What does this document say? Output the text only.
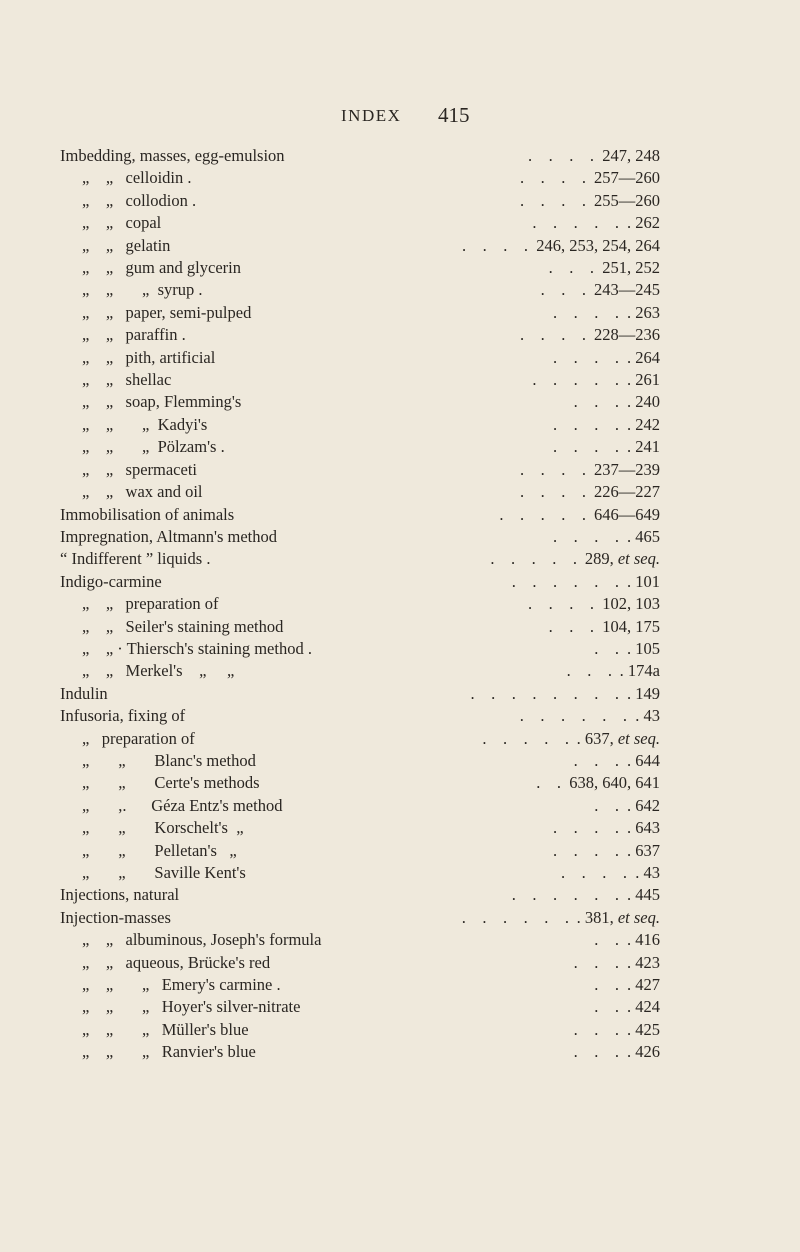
INDEX 415
Imbedding, masses, egg-emulsion	.    .    .    . 247, 248
„    „   celloidin .	.    .    .    . 257—260
„    „   collodion .	.    .    .    . 255—260
„    „   copal	.    .    .    .    . . 262
„    „   gelatin	.    .    .    . 246, 253, 254, 264
„    „   gum and glycerin	.    .    . 251, 252
„    „       „  syrup .	.    .    . 243—245
„    „   paper, semi-pulped	.    .    .    . . 263
„    „   paraffin .	.    .    .    . 228—236
„    „   pith, artificial	.    .    .    . . 264
„    „   shellac	.    .    .    .    . . 261
„    „   soap, Flemming's	.    .    . . 240
„    „       „  Kadyi's	.    .    .    . . 242
„    „       „  Pölzam's .	.    .    .    . . 241
„    „   spermaceti	.    .    .    . 237—239
„    „   wax and oil	.    .    .    . 226—227
Immobilisation of animals	.    .    .    .    . 646—649
Impregnation, Altmann's method	.    .    .    . . 465
“ Indifferent ” liquids .	.    .    .    .    . 289, et seq.
Indigo-carmine	.    .    .    .    .    . . 101
„    „   preparation of	.    .    .    . 102, 103
„    „   Seiler's staining method	.    .    . 104, 175
„    „ · Thiersch's staining method .	.    . . 105
„    „   Merkel's    „     „	.    .    . . 174a
Indulin	.    .    .    .    .    .    .    . . 149
Infusoria, fixing of	.    .    .    .    .    . . 43
„   preparation of	.    .    .    .    . . 637, et seq.
„       „       Blanc's method	.    .    . . 644
„       „       Certe's methods	.    . 638, 640, 641
„       ,.      Géza Entz's method	.    . . 642
„       „       Korschelt's  „	.    .    .    . . 643
„       „       Pelletan's   „	.    .    .    . . 637
„       „       Saville Kent's	.    .    .    . . 43
Injections, natural	.    .    .    .    .    . . 445
Injection-masses	.    .    .    .    .    . . 381, et seq.
„    „   albuminous, Joseph's formula	.    . . 416
„    „   aqueous, Brücke's red	.    .    . . 423
„    „       „   Emery's carmine .	.    . . 427
„    „       „   Hoyer's silver-nitrate	.    . . 424
„    „       „   Müller's blue	.    .    . . 425
„    „       „   Ranvier's blue	.    .    . . 426
